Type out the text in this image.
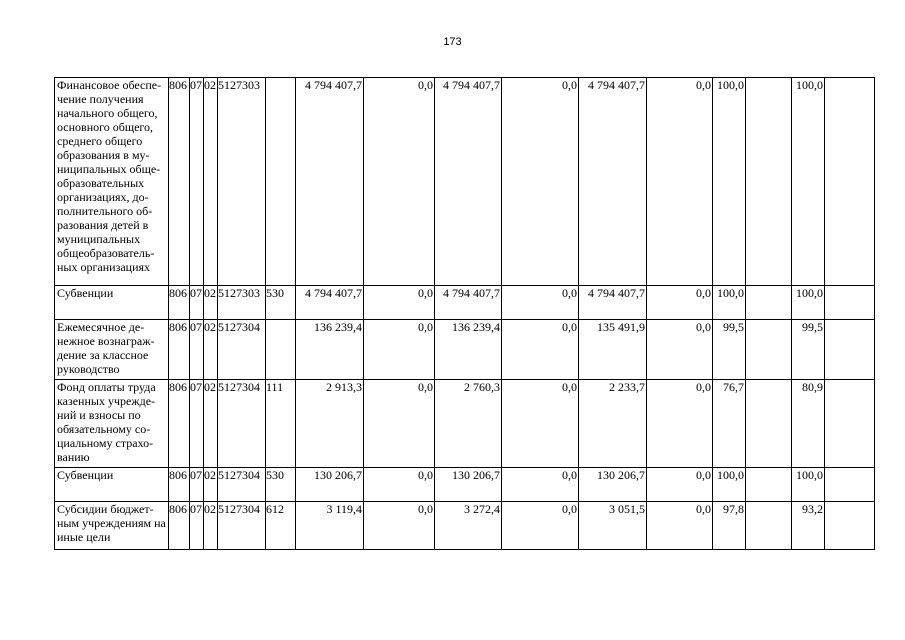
173
Финансовое обеспе-чение получения начального общего, основного общего, среднего общего образования в му-ниципальных обще-образовательных организациях, до-полнительного об-разования детей в муниципальных общеобразователь-ных организациях	806	07	02	5127303		4 794 407,7	0,0	4 794 407,7	0,0	4 794 407,7	0,0	100,0		100,0	
Субвенции	806	07	02	5127303	530	4 794 407,7	0,0	4 794 407,7	0,0	4 794 407,7	0,0	100,0		100,0	
Ежемесячное де-нежное вознаграж-дение за классное руководство	806	07	02	5127304		136 239,4	0,0	136 239,4	0,0	135 491,9	0,0	99,5		99,5	
Фонд оплаты труда казенных учрежде-ний и взносы по обязательному со-циальному страхо-ванию	806	07	02	5127304	111	2 913,3	0,0	2 760,3	0,0	2 233,7	0,0	76,7		80,9	
Субвенции	806	07	02	5127304	530	130 206,7	0,0	130 206,7	0,0	130 206,7	0,0	100,0		100,0	
Субсидии бюджет-ным учреждениям на иные цели	806	07	02	5127304	612	3 119,4	0,0	3 272,4	0,0	3 051,5	0,0	97,8		93,2	
